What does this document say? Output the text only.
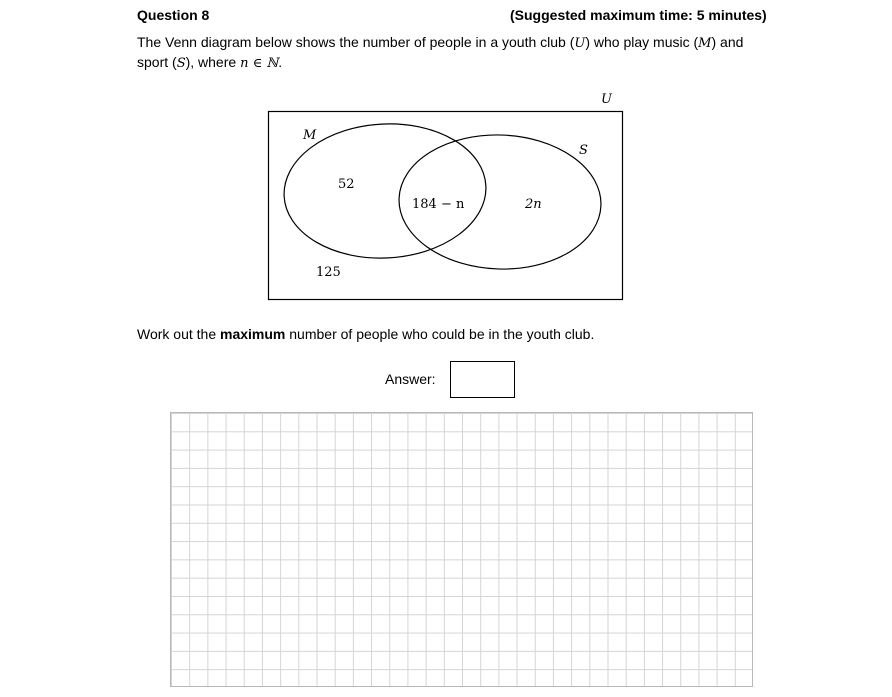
Question 8	(Suggested maximum time: 5 minutes)
The Venn diagram below shows the number of people in a youth club (U) who play music (M) and sport (S), where n ∈ ℕ.
U
M
S
52
184 − n	2n
125
Work out the maximum number of people who could be in the youth club.
Answer:
